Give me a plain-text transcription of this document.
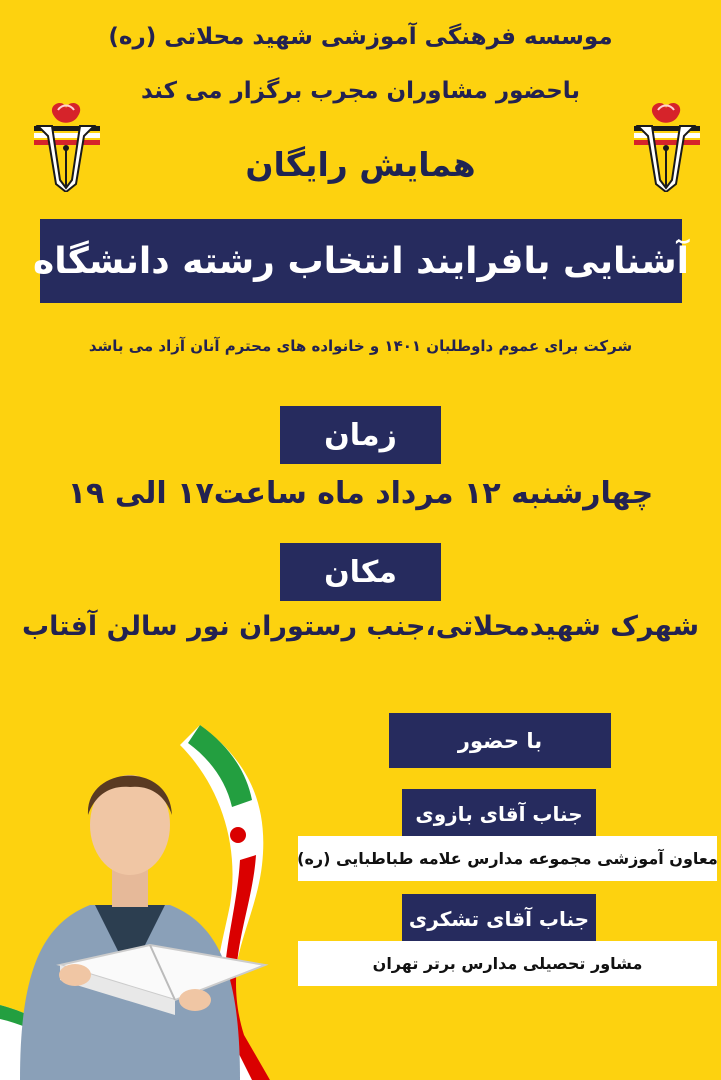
موسسه فرهنگی آموزشی شهید محلاتی (ره)
باحضور مشاوران مجرب برگزار می کند
همایش رایگان
آشنایی بافرایند انتخاب رشته دانشگاه
شرکت برای عموم داوطلبان ۱۴۰۱ و خانواده های محترم آنان آزاد می باشد
زمان
چهارشنبه ۱۲ مرداد ماه ساعت۱۷ الی ۱۹
مکان
شهرک شهیدمحلاتی،جنب رستوران نور سالن آفتاب
با حضور
جناب آقای بازوی
معاون آموزشی مجموعه مدارس علامه طباطبایی (ره)
جناب آقای تشکری
مشاور تحصیلی مدارس برتر تهران
